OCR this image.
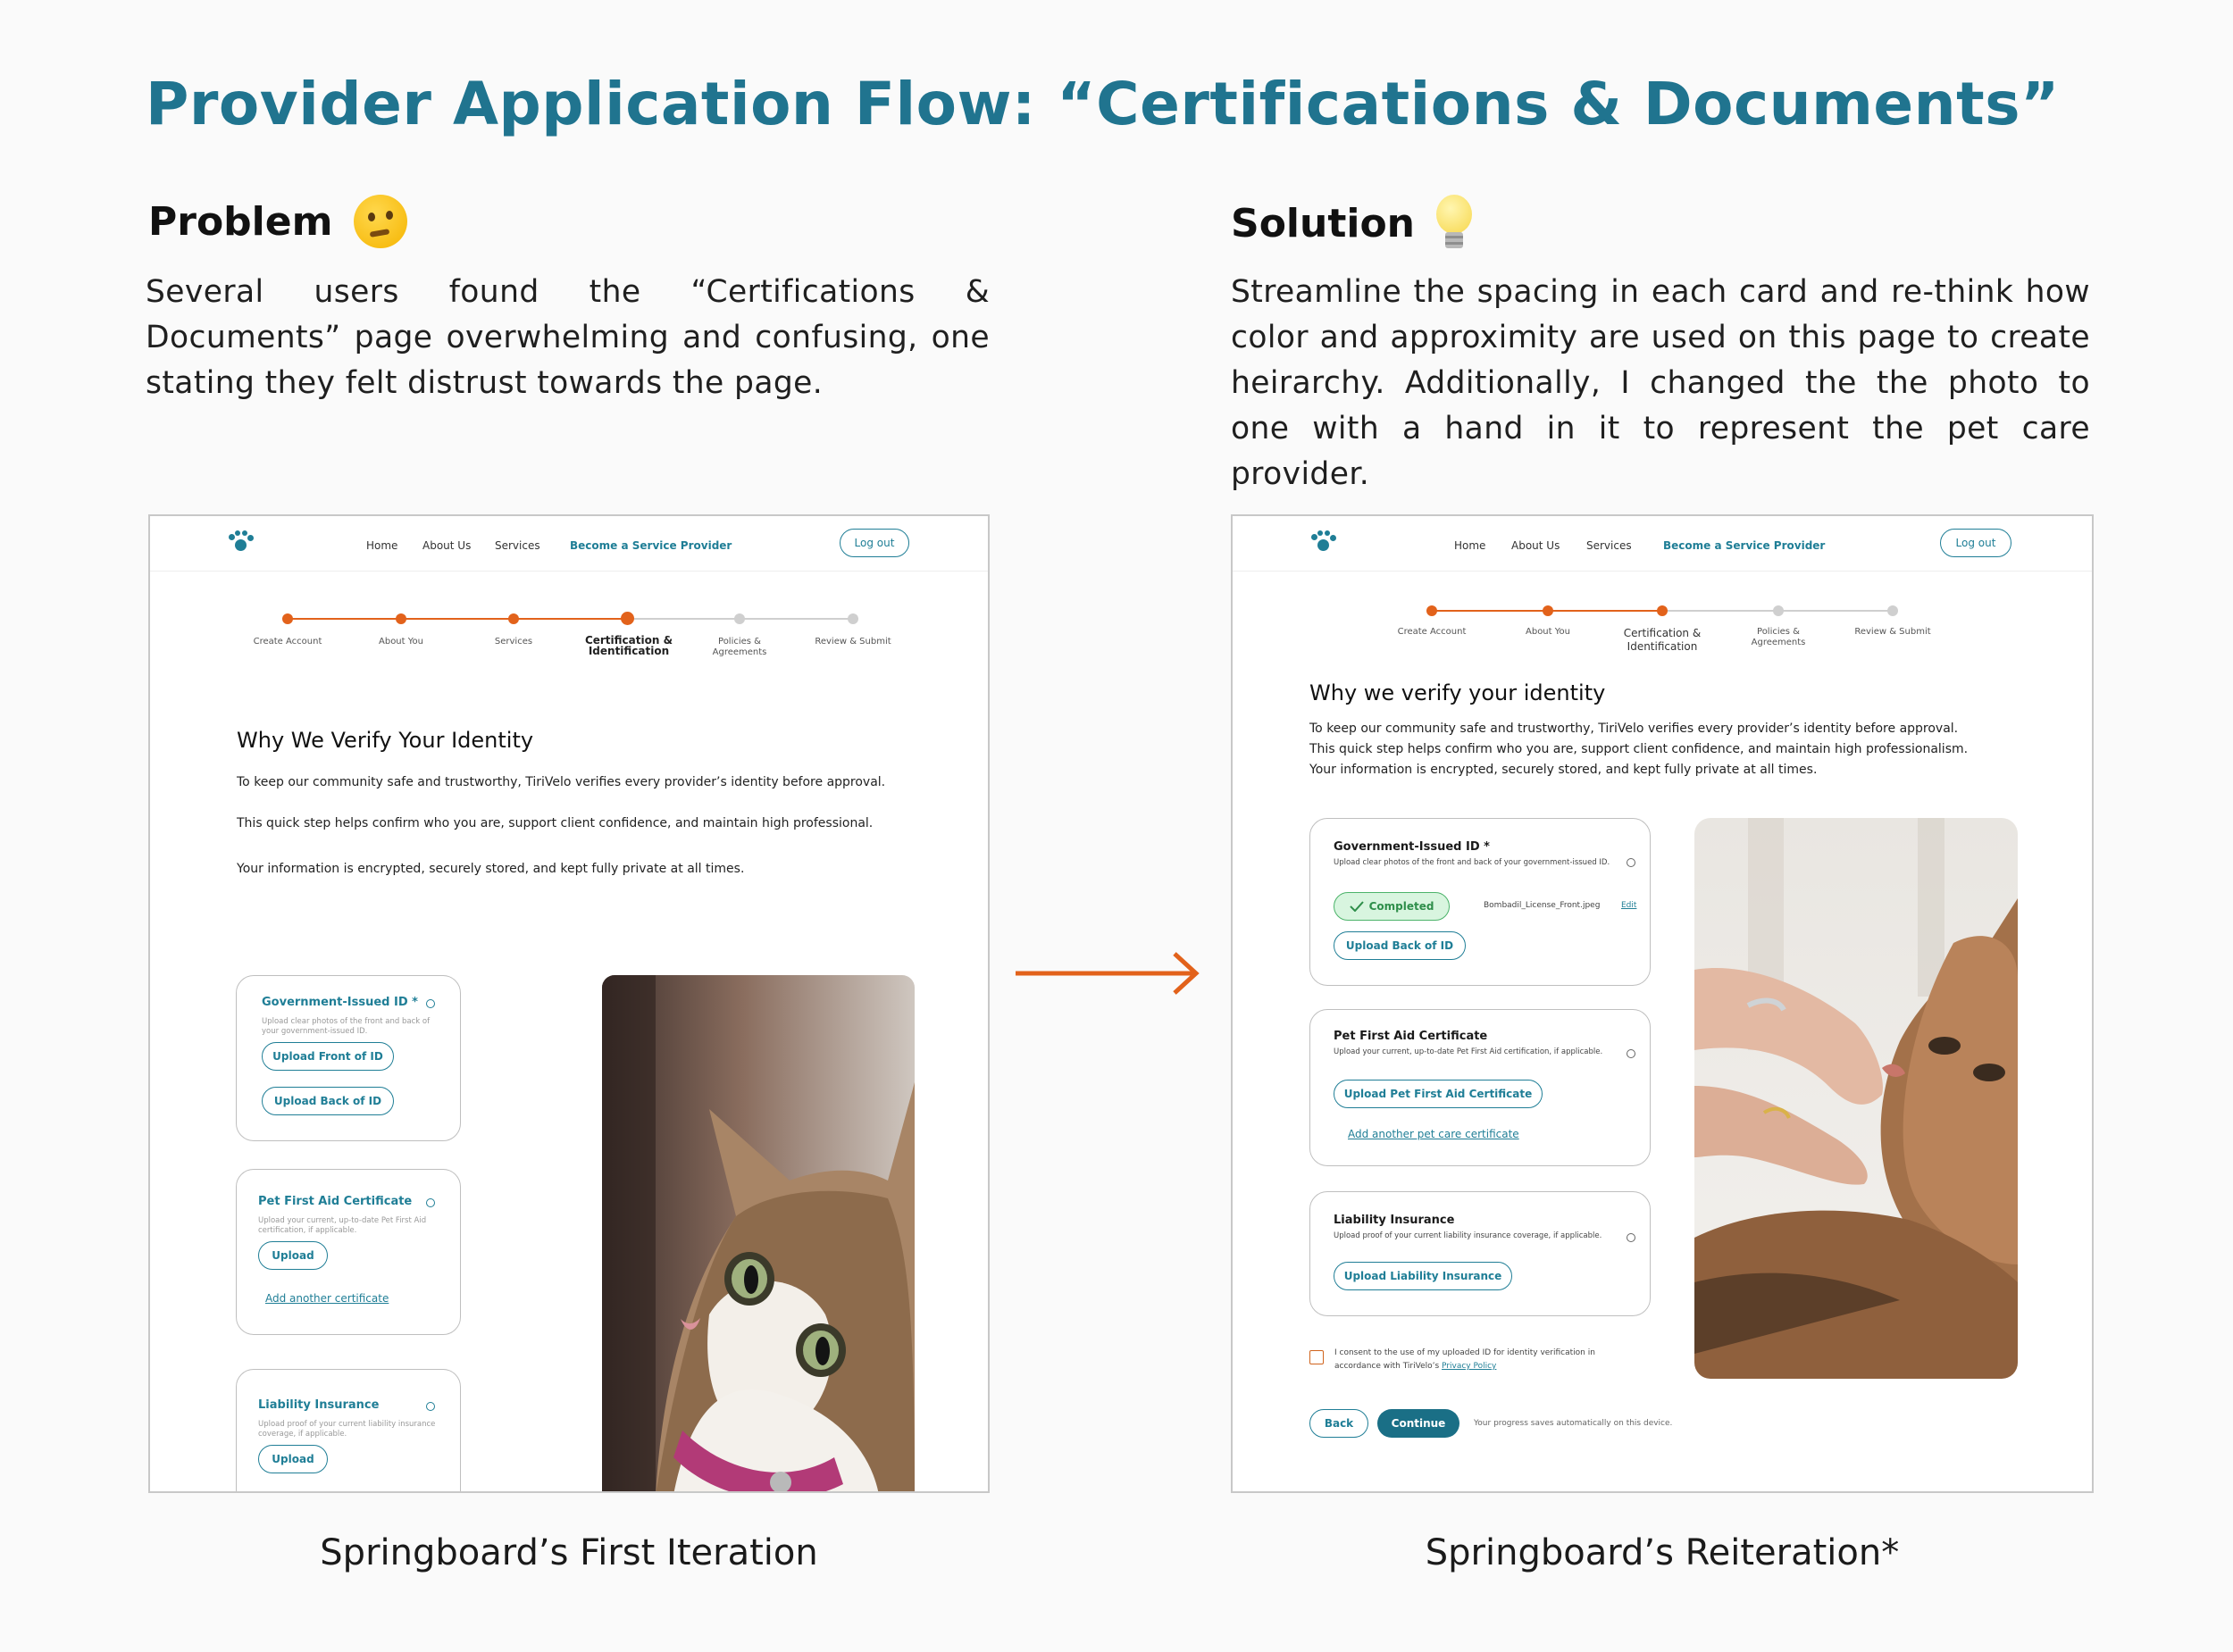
Provider Application Flow: “Certifications & Documents”
Problem
Several users found the “Certifications & Documents” page overwhelming and confusing, one stating they felt distrust towards the page.
Solution
Streamline the spacing in each card and re-think how color and approximity are used on this page to create heirarchy. Additionally, I changed the the photo to one with a hand in it to represent the pet care provider.
Home About Us Services	Become a Service Provider	Log out
Create Account	About You	Services	Certification & Identification
Policies & Agreements
Review & Submit
Why We Verify Your Identity
To keep our community safe and trustworthy, TiriVelo verifies every provider’s identity before approval.
This quick step helps confirm who you are, support client confidence, and maintain high professional.
Your information is encrypted, securely stored, and kept fully private at all times.
Government-Issued ID *
Upload clear photos of the front and back of your government-issued ID.
Upload Front of ID
Upload Back of ID
Pet First Aid Certificate
Upload your current, up-to-date Pet First Aid certification, if applicable.
Upload
Add another certificate
Liability Insurance
Upload proof of your current liability insurance coverage, if applicable.
Upload
Home About Us Services	Become a Service Provider	Log out
Create Account	About You	Certification & Identification
Policies & Agreements
Review & Submit
Why we verify your identity
To keep our community safe and trustworthy, TiriVelo verifies every provider’s identity before approval.
This quick step helps confirm who you are, support client confidence, and maintain high professionalism.
Your information is encrypted, securely stored, and kept fully private at all times.
Government-Issued ID *
Upload clear photos of the front and back of your government-issued ID.
Completed	Bombadil_License_Front.jpeg	Edit
Upload Back of ID
Pet First Aid Certificate
Upload your current, up-to-date Pet First Aid certification, if applicable.
Upload Pet First Aid Certificate
Add another pet care certificate
Liability Insurance
Upload proof of your current liability insurance coverage, if applicable.
Upload Liability Insurance
I consent to the use of my uploaded ID for identity verification in
accordance with TiriVelo’s Privacy Policy
Back	Continue	Your progress saves automatically on this device.
Springboard’s First Iteration	Springboard’s Reiteration*
